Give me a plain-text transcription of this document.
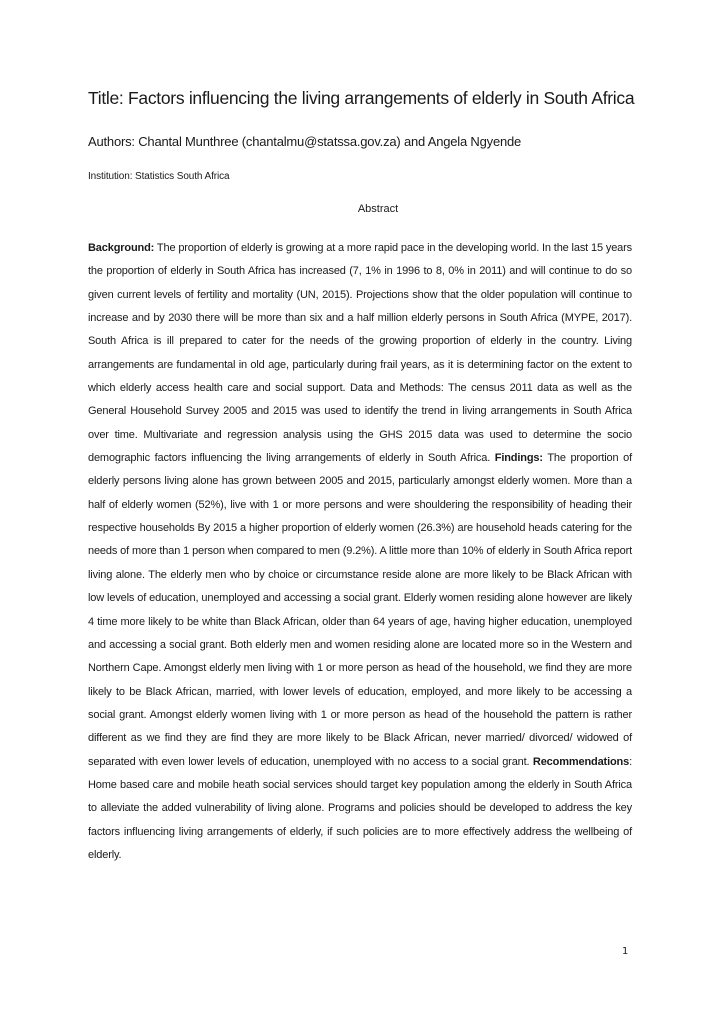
Title: Factors influencing the living arrangements of elderly in South Africa
Authors: Chantal Munthree (chantalmu@statssa.gov.za) and Angela Ngyende
Institution: Statistics South Africa
Abstract
Background: The proportion of elderly is growing at a more rapid pace in the developing world. In the last 15 years the proportion of elderly in South Africa has increased (7, 1% in 1996 to 8, 0% in 2011) and will continue to do so given current levels of fertility and mortality (UN, 2015). Projections show that the older population will continue to increase and by 2030 there will be more than six and a half million elderly persons in South Africa (MYPE, 2017). South Africa is ill prepared to cater for the needs of the growing proportion of elderly in the country. Living arrangements are fundamental in old age, particularly during frail years, as it is determining factor on the extent to which elderly access health care and social support. Data and Methods: The census 2011 data as well as the General Household Survey 2005 and 2015 was used to identify the trend in living arrangements in South Africa over time. Multivariate and regression analysis using the GHS 2015 data was used to determine the socio demographic factors influencing the living arrangements of elderly in South Africa. Findings: The proportion of elderly persons living alone has grown between 2005 and 2015, particularly amongst elderly women. More than a half of elderly women (52%), live with 1 or more persons and were shouldering the responsibility of heading their respective households By 2015 a higher proportion of elderly women (26.3%) are household heads catering for the needs of more than 1 person when compared to men (9.2%). A little more than 10% of elderly in South Africa report living alone. The elderly men who by choice or circumstance reside alone are more likely to be Black African with low levels of education, unemployed and accessing a social grant. Elderly women residing alone however are likely 4 time more likely to be white than Black African, older than 64 years of age, having higher education, unemployed and accessing a social grant. Both elderly men and women residing alone are located more so in the Western and Northern Cape. Amongst elderly men living with 1 or more person as head of the household, we find they are more likely to be Black African, married, with lower levels of education, employed, and more likely to be accessing a social grant. Amongst elderly women living with 1 or more person as head of the household the pattern is rather different as we find they are find they are more likely to be Black African, never married/ divorced/ widowed of separated with even lower levels of education, unemployed with no access to a social grant. Recommendations: Home based care and mobile heath social services should target key population among the elderly in South Africa to alleviate the added vulnerability of living alone. Programs and policies should be developed to address the key factors influencing living arrangements of elderly, if such policies are to more effectively address the wellbeing of elderly.
1
